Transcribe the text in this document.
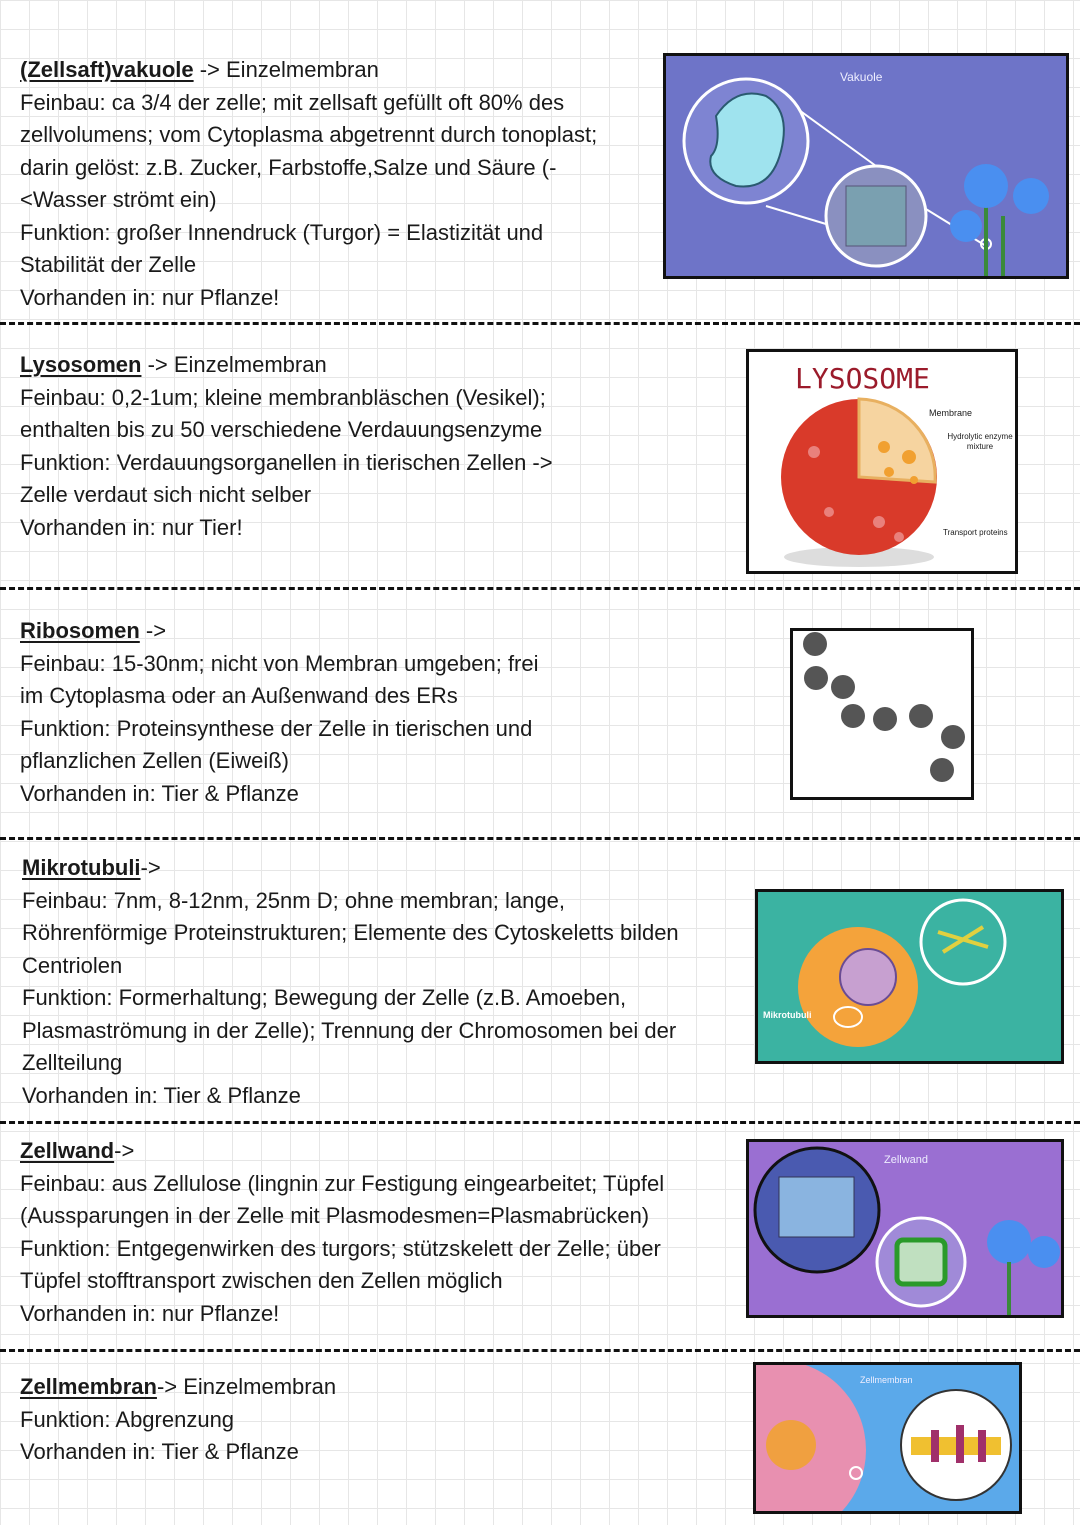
(Zellsaft)vakuole -> Einzelmembran
Feinbau: ca 3/4 der zelle; mit zellsaft gefüllt oft 80% des
zellvolumens; vom Cytoplasma abgetrennt durch tonoplast;
darin gelöst: z.B. Zucker, Farbstoffe,Salze und Säure (-
<Wasser strömt ein)
Funktion: großer Innendruck (Turgor) = Elastizität und
Stabilität der Zelle
Vorhanden in: nur Pflanze!
Lysosomen -> Einzelmembran
Feinbau: 0,2-1um; kleine membranbläschen (Vesikel);
enthalten bis zu 50 verschiedene Verdauungsenzyme
Funktion: Verdauungsorganellen in tierischen Zellen ->
Zelle verdaut sich nicht selber
Vorhanden in: nur Tier!
Ribosomen ->
Feinbau: 15-30nm; nicht von Membran umgeben; frei
im Cytoplasma oder an Außenwand des ERs
Funktion: Proteinsynthese der Zelle in tierischen und
pflanzlichen Zellen (Eiweiß)
Vorhanden in: Tier & Pflanze
Mikrotubuli->
Feinbau: 7nm, 8-12nm, 25nm D; ohne membran; lange,
Röhrenförmige Proteinstrukturen; Elemente des Cytoskeletts bilden
Centriolen
Funktion: Formerhaltung; Bewegung der Zelle (z.B. Amoeben,
Plasmaströmung in der Zelle); Trennung der Chromosomen bei der
Zellteilung
Vorhanden in: Tier & Pflanze
Zellwand->
Feinbau: aus Zellulose (lingnin zur Festigung eingearbeitet; Tüpfel
(Aussparungen in der Zelle mit Plasmodesmen=Plasmabrücken)
Funktion: Entgegenwirken des turgors; stützskelett der Zelle; über
Tüpfel stofftransport zwischen den Zellen möglich
Vorhanden in: nur Pflanze!
Zellmembran-> Einzelmembran
Funktion: Abgrenzung
Vorhanden in: Tier & Pflanze
Vakuole
LYSOSOME
Membrane
Hydrolytic enzyme mixture
Transport proteins
Mikrotubuli
Zellwand
Zellmembran
